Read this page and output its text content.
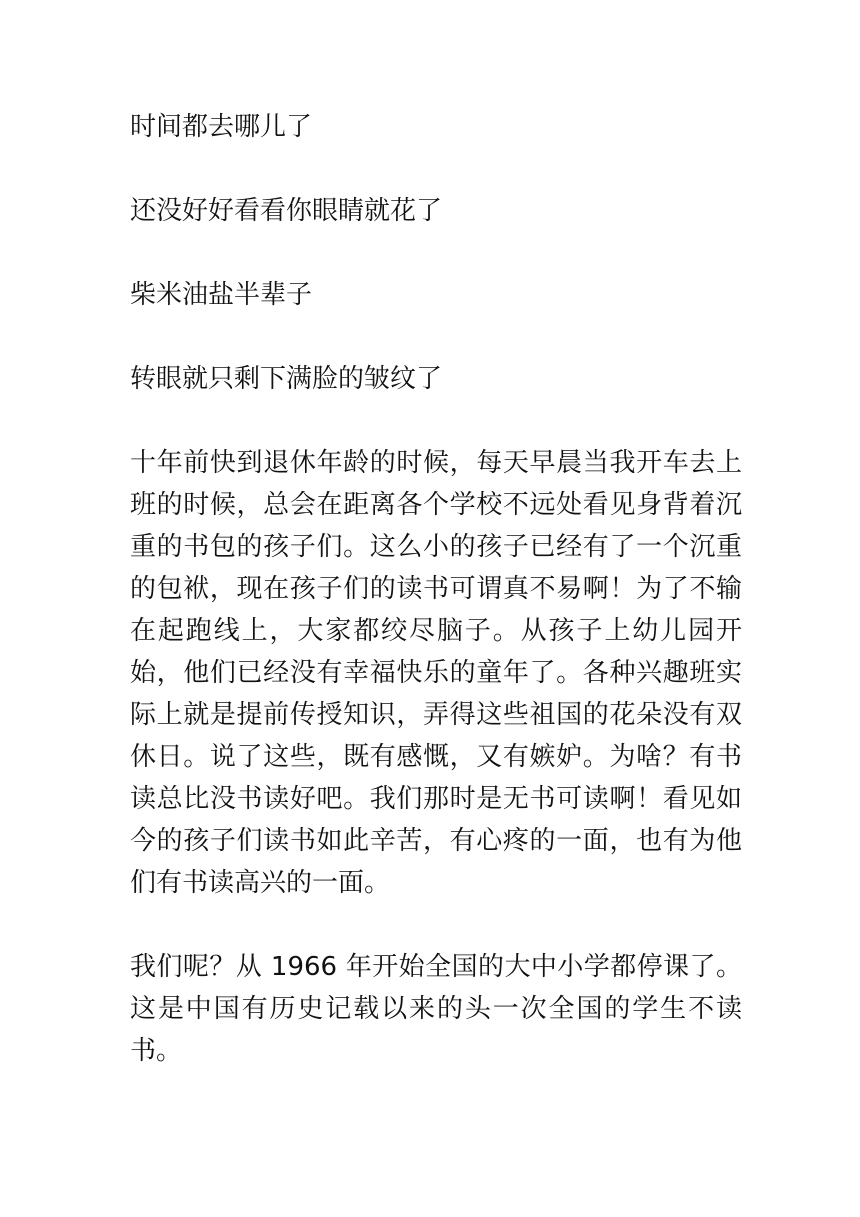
时间都去哪儿了

还没好好看看你眼睛就花了

柴米油盐半辈子

转眼就只剩下满脸的皱纹了

十年前快到退休年龄的时候，每天早晨当我开车去上班的时候，总会在距离各个学校不远处看见身背着沉重的书包的孩子们。这么小的孩子已经有了一个沉重的包袱，现在孩子们的读书可谓真不易啊！为了不输在起跑线上，大家都绞尽脑子。从孩子上幼儿园开始，他们已经没有幸福快乐的童年了。各种兴趣班实际上就是提前传授知识，弄得这些祖国的花朵没有双休日。说了这些，既有感慨，又有嫉妒。为啥？有书读总比没书读好吧。我们那时是无书可读啊！看见如今的孩子们读书如此辛苦，有心疼的一面，也有为他们有书读高兴的一面。

我们呢？从 1966 年开始全国的大中小学都停课了。这是中国有历史记载以来的头一次全国的学生不读书。
